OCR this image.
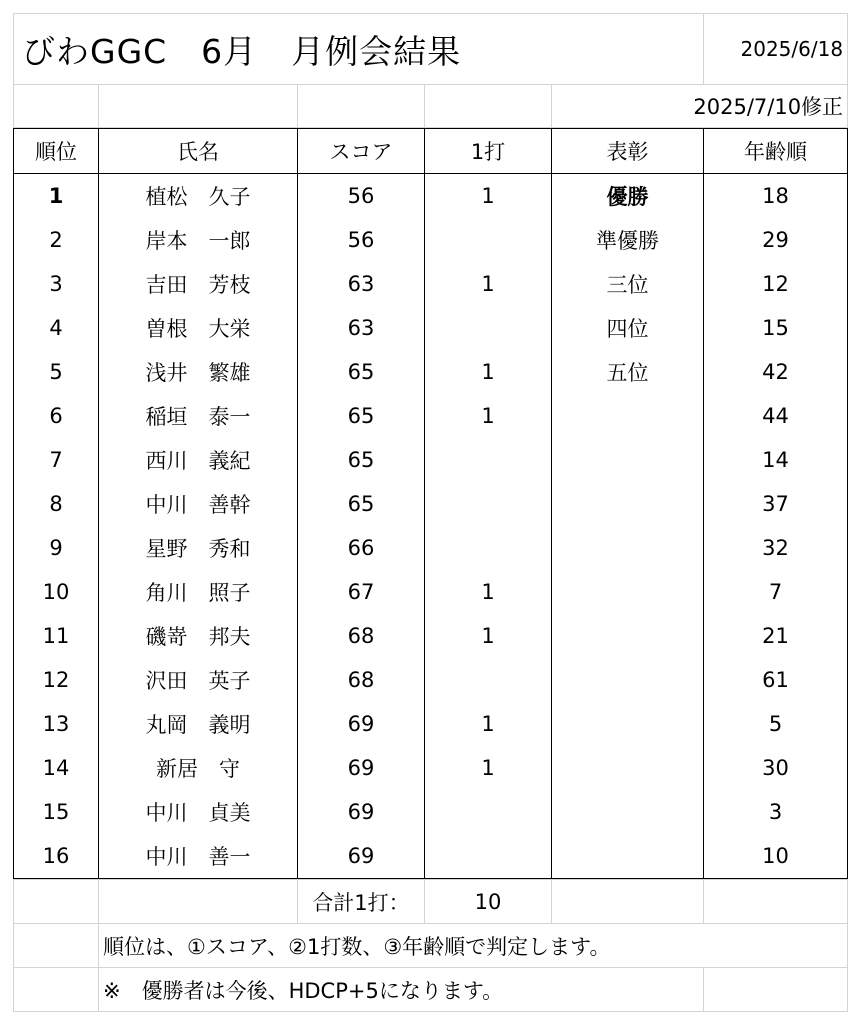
びわGGC　6月　月例会結果					2025/6/18
				2025/7/10修正	
順位	氏名	スコア	1打	表彰	年齢順
1	植松　久子	56	1	優勝	18
2	岸本　一郎	56		準優勝	29
3	吉田　芳枝	63	1	三位	12
4	曽根　大栄	63		四位	15
5	浅井　繁雄	65	1	五位	42
6	稲垣　泰一	65	1		44
7	西川　義紀	65			14
8	中川　善幹	65			37
9	星野　秀和	66			32
10	角川　照子	67	1		7
11	磯嵜　邦夫	68	1		21
12	沢田　英子	68			61
13	丸岡　義明	69	1		5
14	新居　守	69	1		30
15	中川　貞美	69			3
16	中川　善一	69			10
		合計1打：	10		
	順位は、①スコア、②1打数、③年齢順で判定します。				
	※　優勝者は今後、HDCP+5になります。				
